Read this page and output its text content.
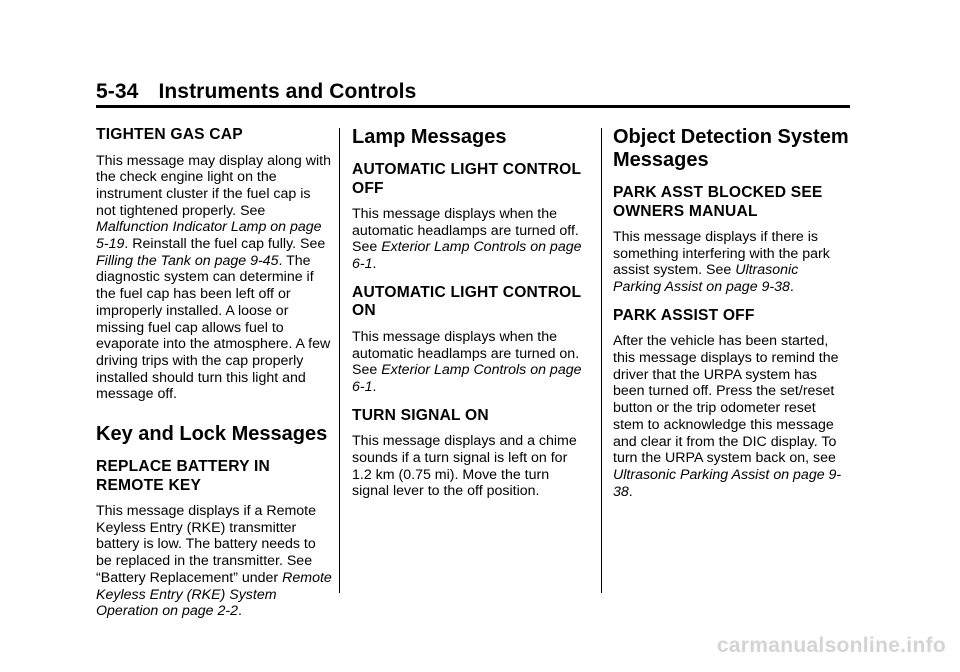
5-34 Instruments and Controls
TIGHTEN GAS CAP

This message may display along with the check engine light on the instrument cluster if the fuel cap is not tightened properly. See Malfunction Indicator Lamp on page 5-19. Reinstall the fuel cap fully. See Filling the Tank on page 9-45. The diagnostic system can determine if the fuel cap has been left off or improperly installed. A loose or missing fuel cap allows fuel to evaporate into the atmosphere. A few driving trips with the cap properly installed should turn this light and message off.

Key and Lock Messages
REPLACE BATTERY IN REMOTE KEY

This message displays if a Remote Keyless Entry (RKE) transmitter battery is low. The battery needs to be replaced in the transmitter. See “Battery Replacement” under Remote Keyless Entry (RKE) System Operation on page 2-2.

Lamp Messages
AUTOMATIC LIGHT CONTROL OFF

This message displays when the automatic headlamps are turned off. See Exterior Lamp Controls on page 6-1.

AUTOMATIC LIGHT CONTROL ON

This message displays when the automatic headlamps are turned on. See Exterior Lamp Controls on page 6-1.

TURN SIGNAL ON

This message displays and a chime sounds if a turn signal is left on for 1.2 km (0.75 mi). Move the turn signal lever to the off position.

Object Detection System Messages
PARK ASST BLOCKED SEE OWNERS MANUAL

This message displays if there is something interfering with the park assist system. See Ultrasonic Parking Assist on page 9-38.

PARK ASSIST OFF

After the vehicle has been started, this message displays to remind the driver that the URPA system has been turned off. Press the set/reset button or the trip odometer reset stem to acknowledge this message and clear it from the DIC display. To turn the URPA system back on, see Ultrasonic Parking Assist on page 9-38.

carmanualsonline.info
